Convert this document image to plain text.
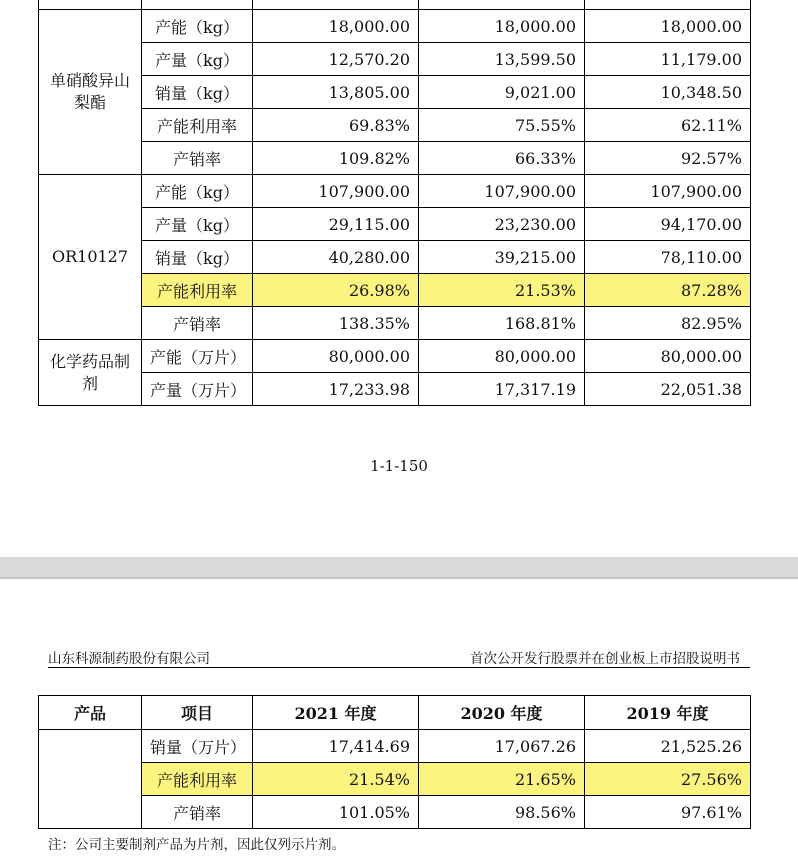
单硝酸异山梨酯	产能（kg）	18,000.00	18,000.00	18,000.00
	产量（kg）	12,570.20	13,599.50	11,179.00
	销量（kg）	13,805.00	9,021.00	10,348.50
	产能利用率	69.83%	75.55%	62.11%
	产销率	109.82%	66.33%	92.57%
OR10127	产能（kg）	107,900.00	107,900.00	107,900.00
	产量（kg）	29,115.00	23,230.00	94,170.00
	销量（kg）	40,280.00	39,215.00	78,110.00
	产能利用率	26.98%	21.53%	87.28%
	产销率	138.35%	168.81%	82.95%
化学药品制剂	产能（万片）	80,000.00	80,000.00	80,000.00
	产量（万片）	17,233.98	17,317.19	22,051.38
1-1-150
山东科源制药股份有限公司	首次公开发行股票并在创业板上市招股说明书
产品	项目	2021 年度	2020 年度	2019 年度
	销量（万片）	17,414.69	17,067.26	21,525.26
	产能利用率	21.54%	21.65%	27.56%
	产销率	101.05%	98.56%	97.61%
注：公司主要制剂产品为片剂，因此仅列示片剂。
